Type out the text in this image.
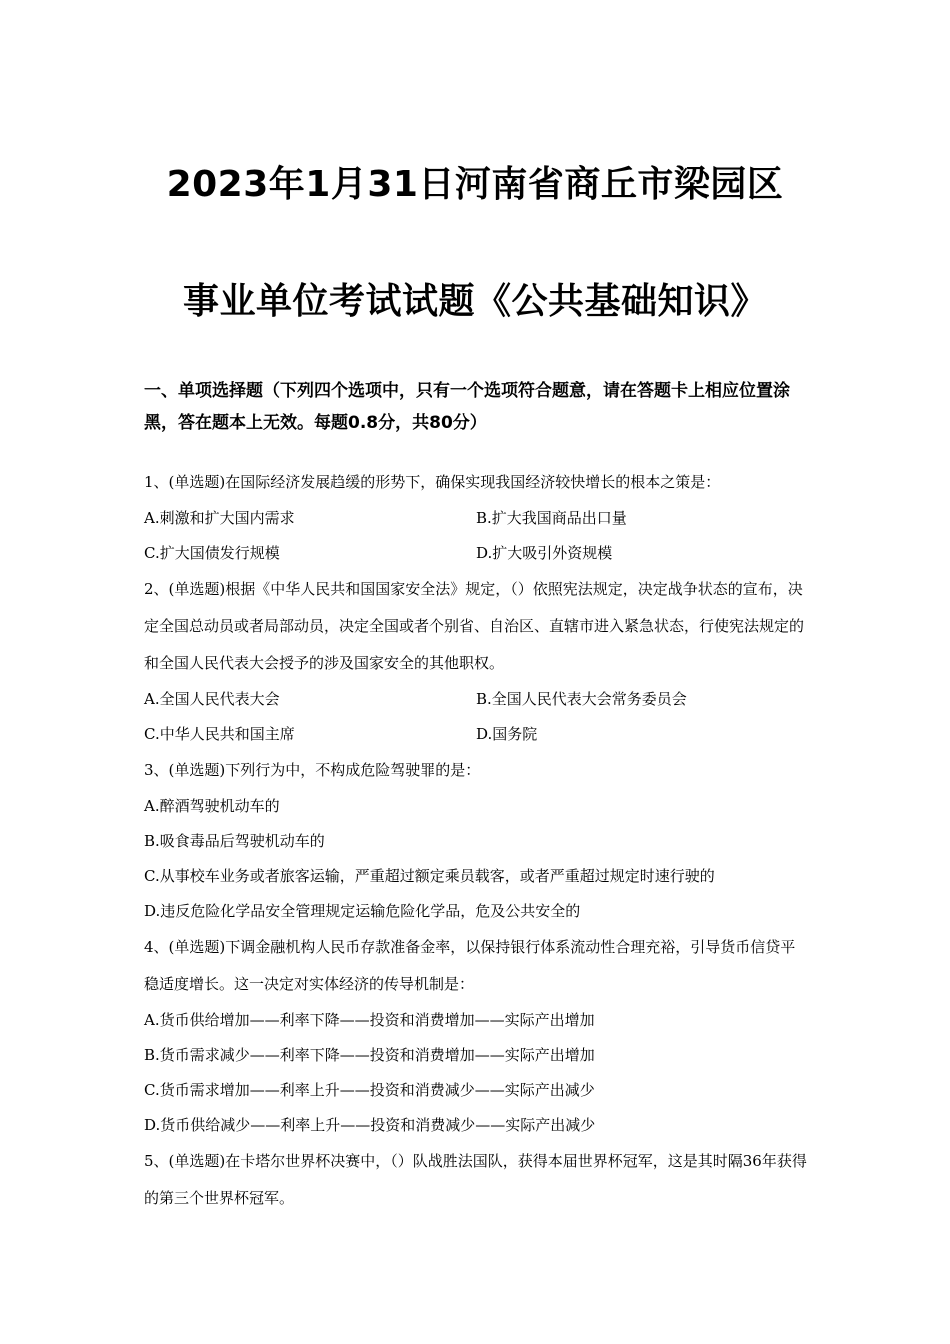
2023年1月31日河南省商丘市梁园区
事业单位考试试题《公共基础知识》
一、单项选择题（下列四个选项中，只有一个选项符合题意，请在答题卡上相应位置涂黑，答在题本上无效。每题0.8分，共80分）

1、(单选题)在国际经济发展趋缓的形势下，确保实现我国经济较快增长的根本之策是：

A.刺激和扩大国内需求	B.扩大我国商品出口量
C.扩大国债发行规模	D.扩大吸引外资规模

2、(单选题)根据《中华人民共和国国家安全法》规定，（）依照宪法规定，决定战争状态的宣布，决定全国总动员或者局部动员，决定全国或者个别省、自治区、直辖市进入紧急状态，行使宪法规定的和全国人民代表大会授予的涉及国家安全的其他职权。

A.全国人民代表大会	B.全国人民代表大会常务委员会
C.中华人民共和国主席	D.国务院

3、(单选题)下列行为中，不构成危险驾驶罪的是：

A.醉酒驾驶机动车的

B.吸食毒品后驾驶机动车的

C.从事校车业务或者旅客运输，严重超过额定乘员载客，或者严重超过规定时速行驶的

D.违反危险化学品安全管理规定运输危险化学品，危及公共安全的

4、(单选题)下调金融机构人民币存款准备金率，以保持银行体系流动性合理充裕，引导货币信贷平稳适度增长。这一决定对实体经济的传导机制是：

A.货币供给增加——利率下降——投资和消费增加——实际产出增加

B.货币需求减少——利率下降——投资和消费增加——实际产出增加

C.货币需求增加——利率上升——投资和消费减少——实际产出减少

D.货币供给减少——利率上升——投资和消费减少——实际产出减少

5、(单选题)在卡塔尔世界杯决赛中，（）队战胜法国队，获得本届世界杯冠军，这是其时隔36年获得的第三个世界杯冠军。
